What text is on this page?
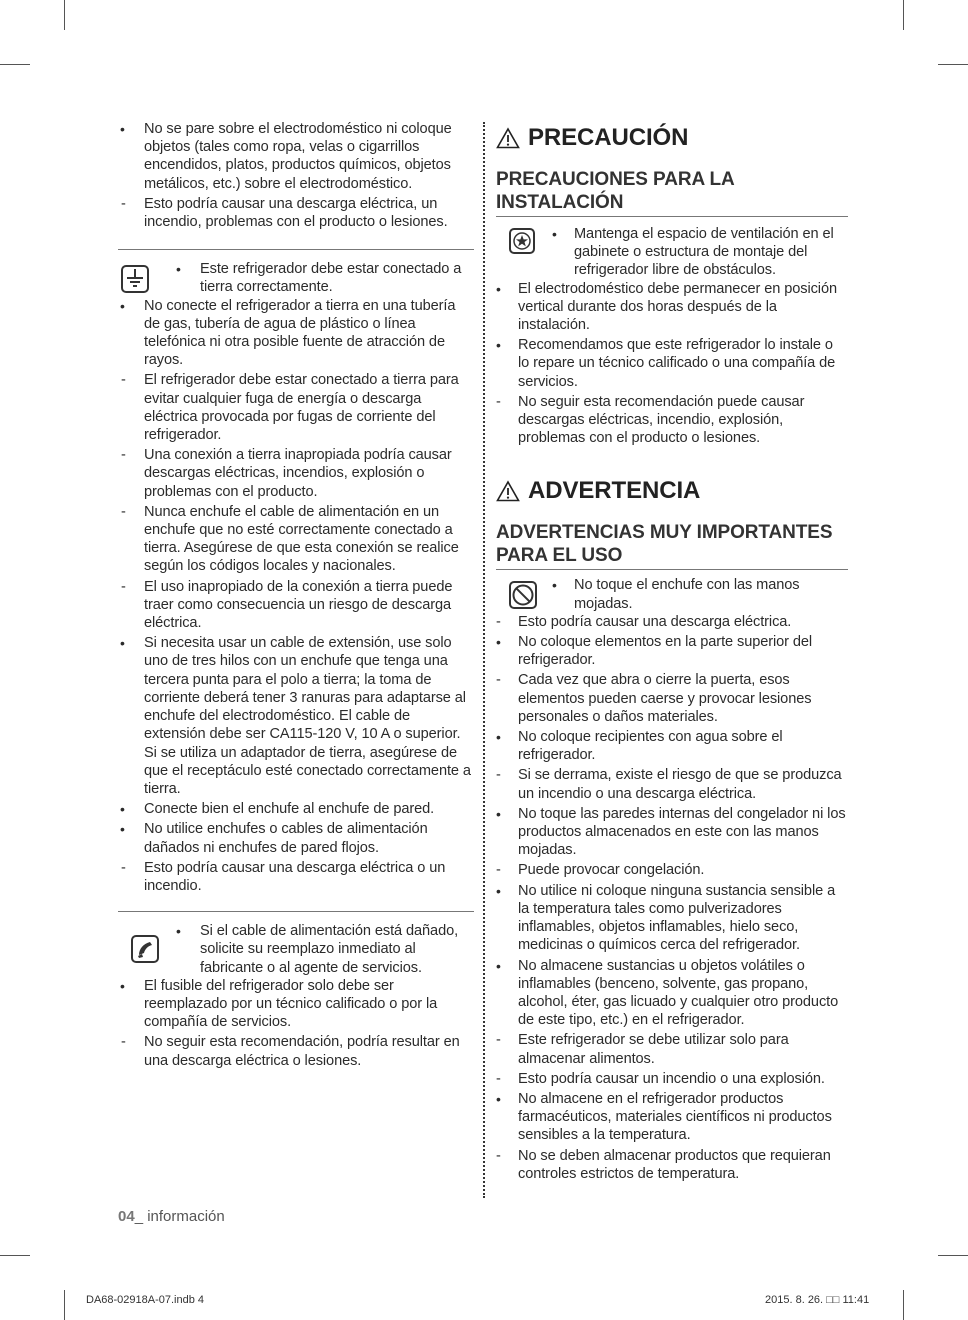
•
No se pare sobre el electrodoméstico ni coloque objetos (tales como ropa, velas o cigarrillos encendidos, platos, productos químicos, objetos metálicos, etc.) sobre el electrodoméstico.
-
Esto podría causar una descarga eléctrica, un incendio, problemas con el producto o lesiones.
•
Este refrigerador debe estar conectado a tierra correctamente.
•
No conecte el refrigerador a tierra en una tubería de gas, tubería de agua de plástico o línea telefónica ni otra posible fuente de atracción de rayos.
-
El refrigerador debe estar conectado a tierra para evitar cualquier fuga de energía o descarga eléctrica provocada por fugas de corriente del refrigerador.
-
Una conexión a tierra inapropiada podría causar descargas eléctricas, incendios, explosión o problemas con el producto.
-
Nunca enchufe el cable de alimentación en un enchufe que no esté correctamente conectado a tierra. Asegúrese de que esta conexión se realice según los códigos locales y nacionales.
-
El uso inapropiado de la conexión a tierra puede traer como consecuencia un riesgo de descarga eléctrica.
•
Si necesita usar un cable de extensión, use solo uno de tres hilos con un enchufe que tenga una tercera punta para el polo a tierra; la toma de corriente deberá tener 3 ranuras para adaptarse al enchufe del electrodoméstico. El cable de extensión debe ser CA115-120 V, 10 A o superior. Si se utiliza un adaptador de tierra, asegúrese de que el receptáculo esté conectado correctamente a tierra.
•
Conecte bien el enchufe al enchufe de pared.
•
No utilice enchufes o cables de alimentación dañados ni enchufes de pared flojos.
-
Esto podría causar una descarga eléctrica o un incendio.
•
Si el cable de alimentación está dañado, solicite su reemplazo inmediato al fabricante o al agente de servicios.
•
El fusible del refrigerador solo debe ser reemplazado por un técnico calificado o por la compañía de servicios.
-
No seguir esta recomendación, podría resultar en una descarga eléctrica o lesiones.
PRECAUCIÓN
PRECAUCIONES PARA LA INSTALACIÓN
•
Mantenga el espacio de ventilación en el gabinete o estructura de montaje del refrigerador libre de obstáculos.
•
El electrodoméstico debe permanecer en posición vertical durante dos horas después de la instalación.
•
Recomendamos que este refrigerador lo instale o lo repare un técnico calificado o una compañía de servicios.
-
No seguir esta recomendación puede causar descargas eléctricas, incendio, explosión, problemas con el producto o lesiones.
ADVERTENCIA
ADVERTENCIAS MUY IMPORTANTES PARA EL USO
•
No toque el enchufe con las manos mojadas.
-
Esto podría causar una descarga eléctrica.
•
No coloque elementos en la parte superior del refrigerador.
-
Cada vez que abra o cierre la puerta, esos elementos pueden caerse y provocar lesiones personales o daños materiales.
•
No coloque recipientes con agua sobre el refrigerador.
-
Si se derrama, existe el riesgo de que se produzca un incendio o una descarga eléctrica.
•
No toque las paredes internas del congelador ni los productos almacenados en este con las manos mojadas.
-
Puede provocar congelación.
•
No utilice ni coloque ninguna sustancia sensible a la temperatura tales como pulverizadores inflamables, objetos inflamables, hielo seco, medicinas o químicos cerca del refrigerador.
•
No almacene sustancias u objetos volátiles o inflamables (benceno, solvente, gas propano, alcohol, éter, gas licuado y cualquier otro producto de este tipo, etc.) en el refrigerador.
-
Este refrigerador se debe utilizar solo para almacenar alimentos.
-
Esto podría causar un incendio o una explosión.
•
No almacene en el refrigerador productos farmacéuticos, materiales científicos ni productos sensibles a la temperatura.
-
No se deben almacenar productos que requieran controles estrictos de temperatura.
04_ información
DA68-02918A-07.indb 4	2015. 8. 26. □□ 11:41
